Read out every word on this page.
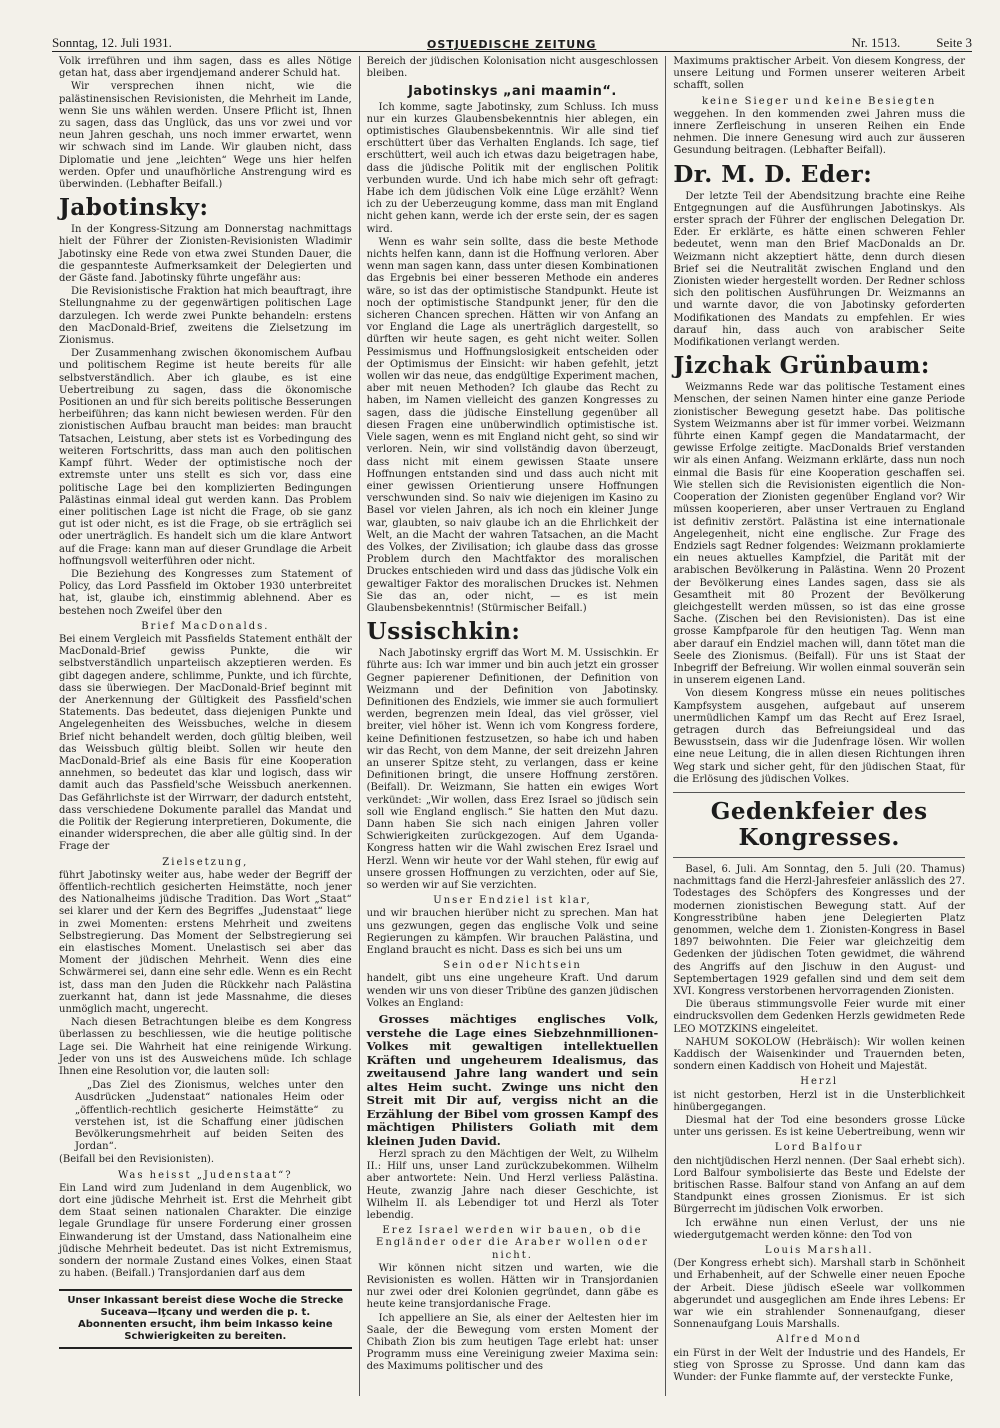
Sonntag, 12. Juli 1931.	OSTJUEDISCHE ZEITUNG	Nr. 1513.	Seite 3

Volk irreführen und ihm sagen, dass es alles Nötige getan hat, dass aber irgendjemand anderer Schuld hat.

Wir versprechen ihnen nicht, wie die palästinensischen Revisionisten, die Mehrheit im Lande, wenn Sie uns wählen werden. Unsere Pflicht ist, Ihnen zu sagen, dass das Unglück, das uns vor zwei und vor neun Jahren geschah, uns noch immer erwartet, wenn wir schwach sind im Lande. Wir glauben nicht, dass Diplomatie und jene „leichten“ Wege uns hier helfen werden. Opfer und unaufhörliche Anstrengung wird es überwinden. (Lebhafter Beifall.)

Jabotinsky:

In der Kongress-Sitzung am Donnerstag nachmittags hielt der Führer der Zionisten-Revisionisten Wladimir Jabotinsky eine Rede von etwa zwei Stunden Dauer, die die gespannteste Aufmerksamkeit der Delegierten und der Gäste fand. Jabotinsky führte ungefähr aus:

Die Revisionistische Fraktion hat mich beauftragt, ihre Stellungnahme zu der gegenwärtigen politischen Lage darzulegen. Ich werde zwei Punkte behandeln: erstens den MacDonald-Brief, zweitens die Zielsetzung im Zionismus.

Der Zusammenhang zwischen ökonomischem Aufbau und politischem Regime ist heute bereits für alle selbstverständlich. Aber ich glaube, es ist eine Uebertreibung zu sagen, dass die ökonomische Positionen an und für sich bereits politische Besserungen herbeiführen; das kann nicht bewiesen werden. Für den zionistischen Aufbau braucht man beides: man braucht Tatsachen, Leistung, aber stets ist es Vorbedingung des weiteren Fortschritts, dass man auch den politischen Kampf führt. Weder der optimistische noch der extremste unter uns stellt es sich vor, dass eine politische Lage bei den komplizierten Bedingungen Palästinas einmal ideal gut werden kann. Das Problem einer politischen Lage ist nicht die Frage, ob sie ganz gut ist oder nicht, es ist die Frage, ob sie erträglich sei oder unerträglich. Es handelt sich um die klare Antwort auf die Frage: kann man auf dieser Grundlage die Arbeit hoffnungsvoll weiterführen oder nicht.

Die Beziehung des Kongresses zum Statement of Policy, das Lord Passfield im Oktober 1930 unterbreitet hat, ist, glaube ich, einstimmig ablehnend. Aber es bestehen noch Zweifel über den

Brief MacDonalds.

Bei einem Vergleich mit Passfields Statement enthält der MacDonald-Brief gewiss Punkte, die wir selbstverständlich unparteiisch akzeptieren werden. Es gibt dagegen andere, schlimme, Punkte, und ich fürchte, dass sie überwiegen. Der MacDonald-Brief beginnt mit der Anerkennung der Gültigkeit des Passfield'schen Statements. Das bedeutet, dass diejenigen Punkte und Angelegenheiten des Weissbuches, welche in diesem Brief nicht behandelt werden, doch gültig bleiben, weil das Weissbuch gültig bleibt. Sollen wir heute den MacDonald-Brief als eine Basis für eine Kooperation annehmen, so bedeutet das klar und logisch, dass wir damit auch das Passfield'sche Weissbuch anerkennen. Das Gefährlichste ist der Wirrwarr, der dadurch entsteht, dass verschiedene Dokumente parallel das Mandat und die Politik der Regierung interpretieren, Dokumente, die einander widersprechen, die aber alle gültig sind. In der Frage der

Zielsetzung,

führt Jabotinsky weiter aus, habe weder der Begriff der öffentlich-rechtlich gesicherten Heimstätte, noch jener des Nationalheims jüdische Tradition. Das Wort „Staat“ sei klarer und der Kern des Begriffes „Judenstaat“ liege in zwei Momenten: erstens Mehrheit und zweitens Selbstregierung. Das Moment der Selbstregierung sei ein elastisches Moment. Unelastisch sei aber das Moment der jüdischen Mehrheit. Wenn dies eine Schwärmerei sei, dann eine sehr edle. Wenn es ein Recht ist, dass man den Juden die Rückkehr nach Palästina zuerkannt hat, dann ist jede Massnahme, die dieses unmöglich macht, ungerecht.

Nach diesen Betrachtungen bleibe es dem Kongress überlassen zu beschliessen, wie die heutige politische Lage sei. Die Wahrheit hat eine reinigende Wirkung. Jeder von uns ist des Ausweichens müde. Ich schlage Ihnen eine Resolution vor, die lauten soll:

„Das Ziel des Zionismus, welches unter den Ausdrücken „Judenstaat“ nationales Heim oder „öffentlich-rechtlich gesicherte Heimstätte“ zu verstehen ist, ist die Schaffung einer jüdischen Bevölkerungsmehrheit auf beiden Seiten des Jordan“.

(Beifall bei den Revisionisten).

Was heisst „Judenstaat“?

Ein Land wird zum Judenland in dem Augenblick, wo dort eine jüdische Mehrheit ist. Erst die Mehrheit gibt dem Staat seinen nationalen Charakter. Die einzige legale Grundlage für unsere Forderung einer grossen Einwanderung ist der Umstand, dass Nationalheim eine jüdische Mehrheit bedeutet. Das ist nicht Extremismus, sondern der normale Zustand eines Volkes, einen Staat zu haben. (Beifall.) Transjordanien darf aus dem

Unser Inkassant bereist diese Woche die Strecke Suceava—Iţcany und werden die p. t. Abonnenten ersucht, ihm beim Inkasso keine Schwierigkeiten zu bereiten.

Bereich der jüdischen Kolonisation nicht ausgeschlossen bleiben.

Jabotinskys „ani maamin“.

Ich komme, sagte Jabotinsky, zum Schluss. Ich muss nur ein kurzes Glaubensbekenntnis hier ablegen, ein optimistisches Glaubensbekenntnis. Wir alle sind tief erschüttert über das Verhalten Englands. Ich sage, tief erschüttert, weil auch ich etwas dazu beigetragen habe, dass die jüdische Politik mit der englischen Politik verbunden wurde. Und ich habe mich sehr oft gefragt: Habe ich dem jüdischen Volk eine Lüge erzählt? Wenn ich zu der Ueberzeugung komme, dass man mit England nicht gehen kann, werde ich der erste sein, der es sagen wird.

Wenn es wahr sein sollte, dass die beste Methode nichts helfen kann, dann ist die Hoffnung verloren. Aber wenn man sagen kann, dass unter diesen Kombinationen das Ergebnis bei einer besseren Methode ein anderes wäre, so ist das der optimistische Standpunkt. Heute ist noch der optimistische Standpunkt jener, für den die sicheren Chancen sprechen. Hätten wir von Anfang an vor England die Lage als unerträglich dargestellt, so dürften wir heute sagen, es geht nicht weiter. Sollen Pessimismus und Hoffnungslosigkeit entscheiden oder der Optimismus der Einsicht: wir haben gefehlt, jetzt wollen wir das neue, das endgültige Experiment machen, aber mit neuen Methoden? Ich glaube das Recht zu haben, im Namen vielleicht des ganzen Kongresses zu sagen, dass die jüdische Einstellung gegenüber all diesen Fragen eine unüberwindlich optimistische ist. Viele sagen, wenn es mit England nicht geht, so sind wir verloren. Nein, wir sind vollständig davon überzeugt, dass nicht mit einem gewissen Staate unsere Hoffnungen entstanden sind und dass auch nicht mit einer gewissen Orientierung unsere Hoffnungen verschwunden sind. So naiv wie diejenigen im Kasino zu Basel vor vielen Jahren, als ich noch ein kleiner Junge war, glaubten, so naiv glaube ich an die Ehrlichkeit der Welt, an die Macht der wahren Tatsachen, an die Macht des Volkes, der Zivilisation; ich glaube dass das grosse Problem durch den Machtfaktor des moralischen Druckes entschieden wird und dass das jüdische Volk ein gewaltiger Faktor des moralischen Druckes ist. Nehmen Sie das an, oder nicht, — es ist mein Glaubensbekenntnis! (Stürmischer Beifall.)

Ussischkin:

Nach Jabotinsky ergriff das Wort M. M. Ussischkin. Er führte aus: Ich war immer und bin auch jetzt ein grosser Gegner papierener Definitionen, der Definition von Weizmann und der Definition von Jabotinsky. Definitionen des Endziels, wie immer sie auch formuliert werden, begrenzen mein Ideal, das viel grösser, viel breiter, viel höher ist. Wenn ich vom Kongress fordere, keine Definitionen festzusetzen, so habe ich und haben wir das Recht, von dem Manne, der seit dreizehn Jahren an unserer Spitze steht, zu verlangen, dass er keine Definitionen bringt, die unsere Hoffnung zerstören. (Beifall). Dr. Weizmann, Sie hatten ein ewiges Wort verkündet: „Wir wollen, dass Erez Israel so jüdisch sein soll wie England englisch.“ Sie hatten den Mut dazu. Dann haben Sie sich nach einigen Jahren voller Schwierigkeiten zurückgezogen. Auf dem Uganda-Kongress hatten wir die Wahl zwischen Erez Israel und Herzl. Wenn wir heute vor der Wahl stehen, für ewig auf unsere grossen Hoffnungen zu verzichten, oder auf Sie, so werden wir auf Sie verzichten.

Unser Endziel ist klar,

und wir brauchen hierüber nicht zu sprechen. Man hat uns gezwungen, gegen das englische Volk und seine Regierungen zu kämpfen. Wir brauchen Palästina, und England braucht es nicht. Dass es sich bei uns um

Sein oder Nichtsein

handelt, gibt uns eine ungeheure Kraft. Und darum wenden wir uns von dieser Tribüne des ganzen jüdischen Volkes an England:

Grosses mächtiges englisches Volk, verstehe die Lage eines Siebzehnmillionen-Volkes mit gewaltigen intellektuellen Kräften und ungeheurem Idealismus, das zweitausend Jahre lang wandert und sein altes Heim sucht. Zwinge uns nicht den Streit mit Dir auf, vergiss nicht an die Erzählung der Bibel vom grossen Kampf des mächtigen Philisters Goliath mit dem kleinen Juden David.

Herzl sprach zu den Mächtigen der Welt, zu Wilhelm II.: Hilf uns, unser Land zurückzubekommen. Wilhelm aber antwortete: Nein. Und Herzl verliess Palästina. Heute, zwanzig Jahre nach dieser Geschichte, ist Wilhelm II. als Lebendiger tot und Herzl als Toter lebendig.

Erez Israel werden wir bauen, ob die Engländer oder die Araber wollen oder nicht.

Wir können nicht sitzen und warten, wie die Revisionisten es wollen. Hätten wir in Transjordanien nur zwei oder drei Kolonien gegründet, dann gäbe es heute keine transjordanische Frage.

Ich appelliere an Sie, als einer der Aeltesten hier im Saale, der die Bewegung vom ersten Moment der Chibath Zion bis zum heutigen Tage erlebt hat: unser Programm muss eine Vereinigung zweier Maxima sein: des Maximums politischer und des

Maximums praktischer Arbeit. Von diesem Kongress, der unsere Leitung und Formen unserer weiteren Arbeit schafft, sollen

keine Sieger und keine Besiegten

weggehen. In den kommenden zwei Jahren muss die innere Zerfleischung in unseren Reihen ein Ende nehmen. Die innere Genesung wird auch zur äusseren Gesundung beitragen. (Lebhafter Beifall).

Dr. M. D. Eder:

Der letzte Teil der Abendsitzung brachte eine Reihe Entgegnungen auf die Ausführungen Jabotinskys. Als erster sprach der Führer der englischen Delegation Dr. Eder. Er erklärte, es hätte einen schweren Fehler bedeutet, wenn man den Brief MacDonalds an Dr. Weizmann nicht akzeptiert hätte, denn durch diesen Brief sei die Neutralität zwischen England und den Zionisten wieder hergestellt worden. Der Redner schloss sich den politischen Ausführungen Dr. Weizmanns an und warnte davor, die von Jabotinsky geforderten Modifikationen des Mandats zu empfehlen. Er wies darauf hin, dass auch von arabischer Seite Modifikationen verlangt werden.

Jizchak Grünbaum:

Weizmanns Rede war das politische Testament eines Menschen, der seinen Namen hinter eine ganze Periode zionistischer Bewegung gesetzt habe. Das politische System Weizmanns aber ist für immer vorbei. Weizmann führte einen Kampf gegen die Mandatarmacht, der gewisse Erfolge zeitigte. MacDonalds Brief verstanden wir als einen Anfang. Weizmann erklärte, dass nun noch einmal die Basis für eine Kooperation geschaffen sei. Wie stellen sich die Revisionisten eigentlich die Non-Cooperation der Zionisten gegenüber England vor? Wir müssen kooperieren, aber unser Vertrauen zu England ist definitiv zerstört. Palästina ist eine internationale Angelegenheit, nicht eine englische. Zur Frage des Endziels sagt Redner folgendes: Weizmann proklamierte ein neues aktuelles Kampfziel, die Parität mit der arabischen Bevölkerung in Palästina. Wenn 20 Prozent der Bevölkerung eines Landes sagen, dass sie als Gesamtheit mit 80 Prozent der Bevölkerung gleichgestellt werden müssen, so ist das eine grosse Sache. (Zischen bei den Revisionisten). Das ist eine grosse Kampfparole für den heutigen Tag. Wenn man aber darauf ein Endziel machen will, dann tötet man die Seele des Zionismus. (Beifall). Für uns ist Staat der Inbegriff der Befreiung. Wir wollen einmal souverän sein in unserem eigenen Land.

Von diesem Kongress müsse ein neues politisches Kampfsystem ausgehen, aufgebaut auf unserem unermüdlichen Kampf um das Recht auf Erez Israel, getragen durch das Befreiungsideal und das Bewusstsein, dass wir die Judenfrage lösen. Wir wollen eine neue Leitung, die in allen diesen Richtungen ihren Weg stark und sicher geht, für den jüdischen Staat, für die Erlösung des jüdischen Volkes.

Gedenkfeier des Kongresses.

Basel, 6. Juli. Am Sonntag, den 5. Juli (20. Thamus) nachmittags fand die Herzl-Jahresfeier anlässlich des 27. Todestages des Schöpfers des Kongresses und der modernen zionistischen Bewegung statt. Auf der Kongresstribüne haben jene Delegierten Platz genommen, welche dem 1. Zionisten-Kongress in Basel 1897 beiwohnten. Die Feier war gleichzeitig dem Gedenken der jüdischen Toten gewidmet, die während des Angriffs auf den Jischuw in den August- und Septembertagen 1929 gefallen sind und dem seit dem XVI. Kongress verstorbenen hervorragenden Zionisten.

Die überaus stimmungsvolle Feier wurde mit einer eindrucksvollen dem Gedenken Herzls gewidmeten Rede LEO MOTZKINS eingeleitet.

NAHUM SOKOLOW (Hebräisch): Wir wollen keinen Kaddisch der Waisenkinder und Trauernden beten, sondern einen Kaddisch von Hoheit und Majestät.

Herzl

ist nicht gestorben, Herzl ist in die Unsterblichkeit hinübergegangen.

Diesmal hat der Tod eine besonders grosse Lücke unter uns gerissen. Es ist keine Uebertreibung, wenn wir

Lord Balfour

den nichtjüdischen Herzl nennen. (Der Saal erhebt sich). Lord Balfour symbolisierte das Beste und Edelste der britischen Rasse. Balfour stand von Anfang an auf dem Standpunkt eines grossen Zionismus. Er ist sich Bürgerrecht im jüdischen Volk erworben.

Ich erwähne nun einen Verlust, der uns nie wiedergutgemacht werden könne: den Tod von

Louis Marshall.

(Der Kongress erhebt sich). Marshall starb in Schönheit und Erhabenheit, auf der Schwelle einer neuen Epoche der Arbeit. Diese jüdisch eSeele war vollkommen abgerundet und ausgeglichen am Ende ihres Lebens: Er war wie ein strahlender Sonnenaufgang, dieser Sonnenaufgang Louis Marshalls.

Alfred Mond

ein Fürst in der Welt der Industrie und des Handels, Er stieg von Sprosse zu Sprosse. Und dann kam das Wunder: der Funke flammte auf, der versteckte Funke,
